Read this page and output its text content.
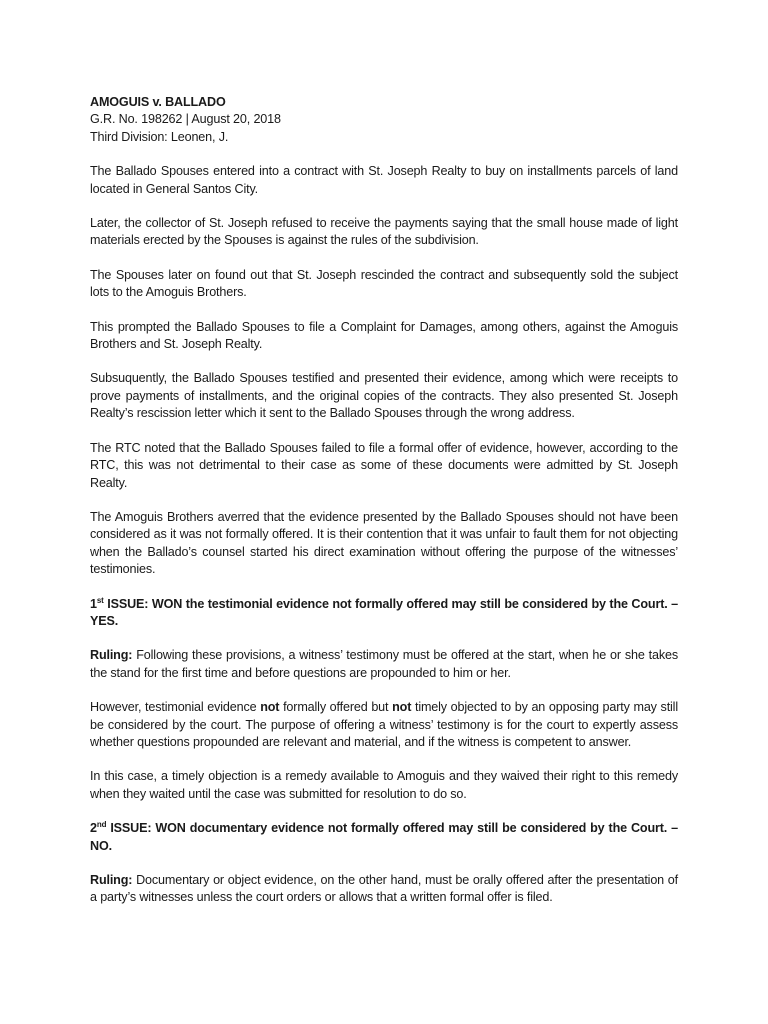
AMOGUIS v. BALLADO

G.R. No. 198262 | August 20, 2018

Third Division: Leonen, J.

The Ballado Spouses entered into a contract with St. Joseph Realty to buy on installments parcels of land located in General Santos City.

Later, the collector of St. Joseph refused to receive the payments saying that the small house made of light materials erected by the Spouses is against the rules of the subdivision.

The Spouses later on found out that St. Joseph rescinded the contract and subsequently sold the subject lots to the Amoguis Brothers.

This prompted the Ballado Spouses to file a Complaint for Damages, among others, against the Amoguis Brothers and St. Joseph Realty.

Subsuquently, the Ballado Spouses testified and presented their evidence, among which were receipts to prove payments of installments, and the original copies of the contracts. They also presented St. Joseph Realty’s rescission letter which it sent to the Ballado Spouses through the wrong address.

The RTC noted that the Ballado Spouses failed to file a formal offer of evidence, however, according to the RTC, this was not detrimental to their case as some of these documents were admitted by St. Joseph Realty.

The Amoguis Brothers averred that the evidence presented by the Ballado Spouses should not have been considered as it was not formally offered. It is their contention that it was unfair to fault them for not objecting when the Ballado’s counsel started his direct examination without offering the purpose of the witnesses’ testimonies.

1st ISSUE: WON the testimonial evidence not formally offered may still be considered by the Court. – YES.

Ruling: Following these provisions, a witness’ testimony must be offered at the start, when he or she takes the stand for the first time and before questions are propounded to him or her.

However, testimonial evidence not formally offered but not timely objected to by an opposing party may still be considered by the court. The purpose of offering a witness’ testimony is for the court to expertly assess whether questions propounded are relevant and material, and if the witness is competent to answer.

In this case, a timely objection is a remedy available to Amoguis and they waived their right to this remedy when they waited until the case was submitted for resolution to do so.

2nd ISSUE: WON documentary evidence not formally offered may still be considered by the Court. – NO.

Ruling: Documentary or object evidence, on the other hand, must be orally offered after the presentation of a party’s witnesses unless the court orders or allows that a written formal offer is filed.
